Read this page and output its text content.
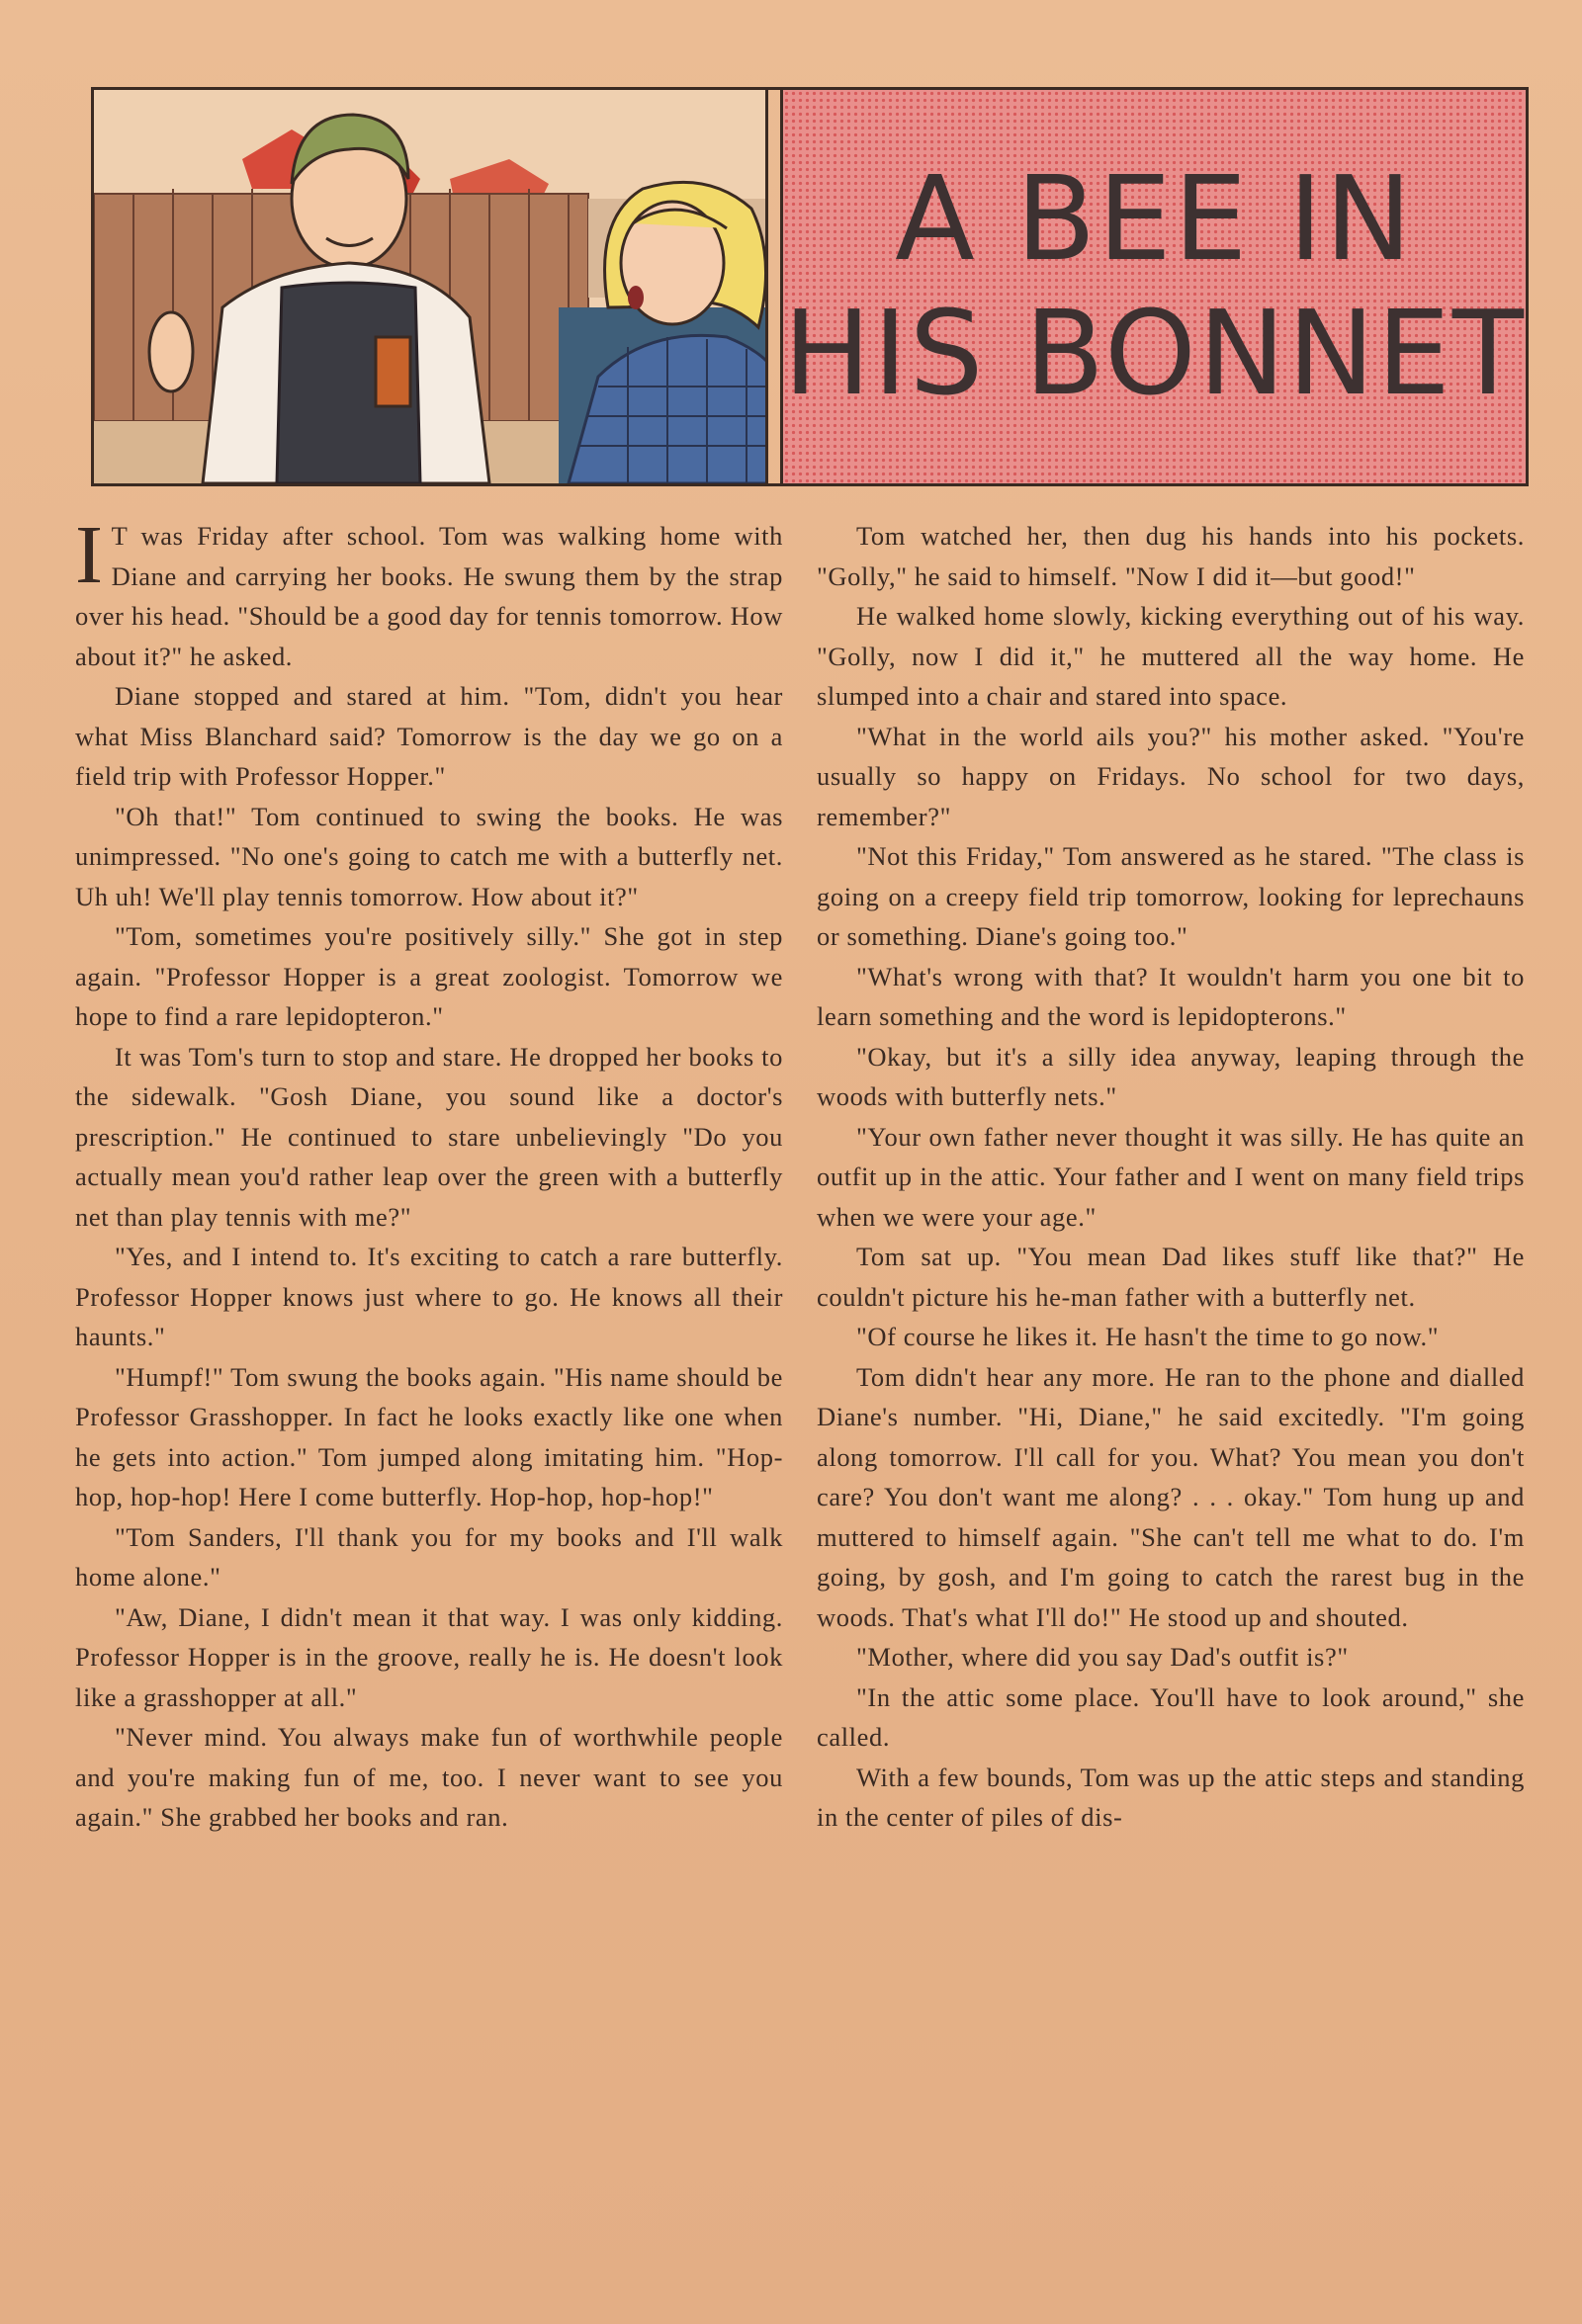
A BEE IN
HIS BONNET

I T was Friday after school. Tom was walking home with Diane and carrying her books. He swung them by the strap over his head. "Should be a good day for tennis tomorrow. How about it?" he asked.

Diane stopped and stared at him. "Tom, didn't you hear what Miss Blanchard said? Tomorrow is the day we go on a field trip with Professor Hopper."

"Oh that!" Tom continued to swing the books. He was unimpressed. "No one's going to catch me with a butterfly net. Uh uh! We'll play tennis tomorrow. How about it?"

"Tom, sometimes you're positively silly." She got in step again. "Professor Hopper is a great zoologist. Tomorrow we hope to find a rare lepidopteron."

It was Tom's turn to stop and stare. He dropped her books to the sidewalk. "Gosh Diane, you sound like a doctor's prescription." He continued to stare unbelievingly "Do you actually mean you'd rather leap over the green with a butterfly net than play tennis with me?"

"Yes, and I intend to. It's exciting to catch a rare butterfly. Professor Hopper knows just where to go. He knows all their haunts."

"Humpf!" Tom swung the books again. "His name should be Professor Grasshopper. In fact he looks exactly like one when he gets into action." Tom jumped along imitating him. "Hop-hop, hop-hop! Here I come butterfly. Hop-hop, hop-hop!"

"Tom Sanders, I'll thank you for my books and I'll walk home alone."

"Aw, Diane, I didn't mean it that way. I was only kidding. Professor Hopper is in the groove, really he is. He doesn't look like a grasshopper at all."

"Never mind. You always make fun of worthwhile people and you're making fun of me, too. I never want to see you again." She grabbed her books and ran.

Tom watched her, then dug his hands into his pockets. "Golly," he said to himself. "Now I did it—but good!"

He walked home slowly, kicking everything out of his way. "Golly, now I did it," he muttered all the way home. He slumped into a chair and stared into space.

"What in the world ails you?" his mother asked. "You're usually so happy on Fridays. No school for two days, remember?"

"Not this Friday," Tom answered as he stared. "The class is going on a creepy field trip tomorrow, looking for leprechauns or something. Diane's going too."

"What's wrong with that? It wouldn't harm you one bit to learn something and the word is lepidopterons."

"Okay, but it's a silly idea anyway, leaping through the woods with butterfly nets."

"Your own father never thought it was silly. He has quite an outfit up in the attic. Your father and I went on many field trips when we were your age."

Tom sat up. "You mean Dad likes stuff like that?" He couldn't picture his he-man father with a butterfly net.

"Of course he likes it. He hasn't the time to go now."

Tom didn't hear any more. He ran to the phone and dialled Diane's number. "Hi, Diane," he said excitedly. "I'm going along tomorrow. I'll call for you. What? You mean you don't care? You don't want me along? . . . okay." Tom hung up and muttered to himself again. "She can't tell me what to do. I'm going, by gosh, and I'm going to catch the rarest bug in the woods. That's what I'll do!" He stood up and shouted.

"Mother, where did you say Dad's outfit is?"

"In the attic some place. You'll have to look around," she called.

With a few bounds, Tom was up the attic steps and standing in the center of piles of dis-
